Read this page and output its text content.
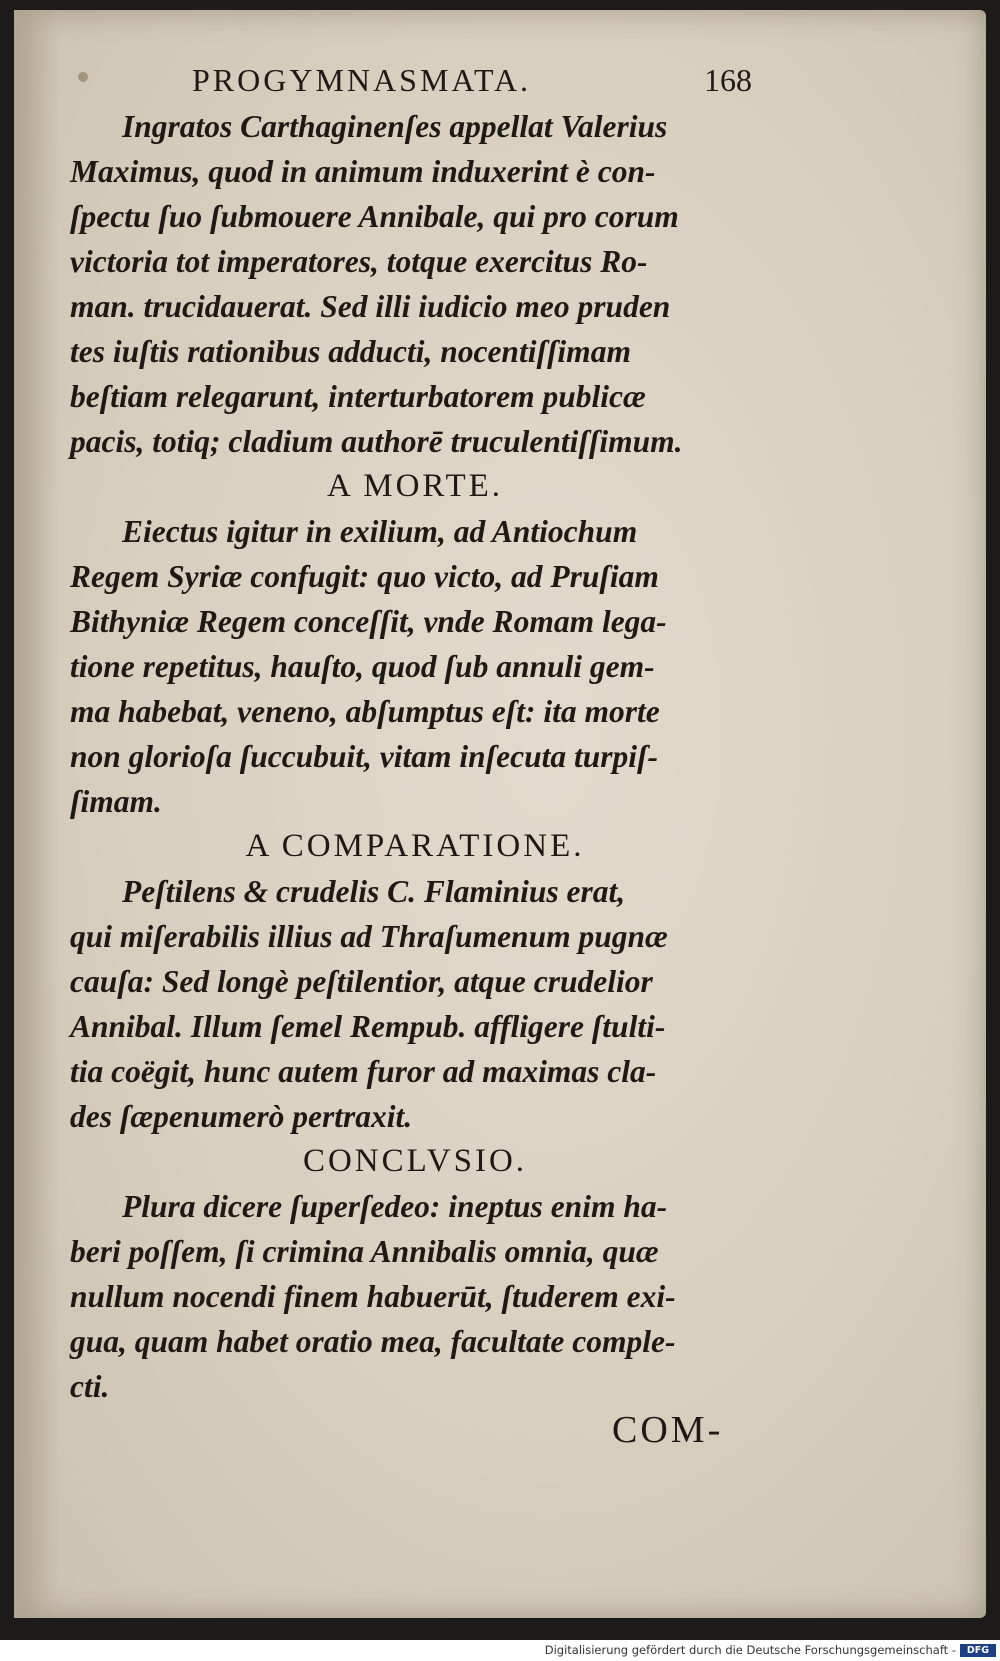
PROGYMNASMATA.	168
Ingratos Carthaginenſes appellat Valerius
Maximus, quod in animum induxerint è con-
ſpectu ſuo ſubmouere Annibale, qui pro corum
victoria tot imperatores, totque exercitus Ro-
man. trucidauerat. Sed illi iudicio meo pruden
tes iuſtis rationibus adducti, nocentiſſimam
beſtiam relegarunt, interturbatorem publicæ
pacis, totiq; cladium authorē truculentiſſimum.
A MORTE.
Eiectus igitur in exilium, ad Antiochum
Regem Syriæ confugit: quo victo, ad Pruſiam
Bithyniæ Regem conceſſit, vnde Romam lega-
tione repetitus, hauſto, quod ſub annuli gem-
ma habebat, veneno, abſumptus eſt: ita morte
non glorioſa ſuccubuit, vitam inſecuta turpiſ-
ſimam.
A COMPARATIONE.
Peſtilens & crudelis C. Flaminius erat,
qui miſerabilis illius ad Thraſumenum pugnæ
cauſa: Sed longè peſtilentior, atque crudelior
Annibal. Illum ſemel Rempub. affligere ſtulti-
tia coëgit, hunc autem furor ad maximas cla-
des ſæpenumerò pertraxit.
CONCLVSIO.
Plura dicere ſuperſedeo: ineptus enim ha-
beri poſſem, ſi crimina Annibalis omnia, quæ
nullum nocendi finem habuerūt, ſtuderem exi-
gua, quam habet oratio mea, facultate comple-
cti.
COM-
Digitalisierung gefördert durch die Deutsche Forschungsgemeinschaft -	DFG
